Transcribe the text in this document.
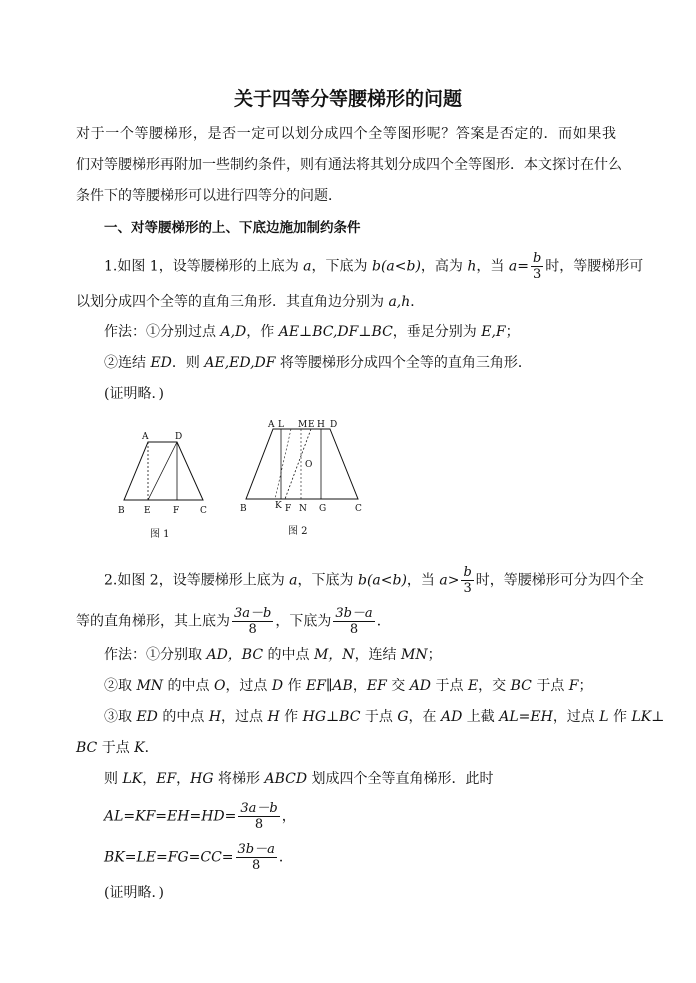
关于四等分等腰梯形的问题
对于一个等腰梯形，是否一定可以划分成四个全等图形呢？答案是否定的．而如果我
们对等腰梯形再附加一些制约条件，则有通法将其划分成四个全等图形．本文探讨在什么
条件下的等腰梯形可以进行四等分的问题．
一、对等腰梯形的上、下底边施加制约条件
1.如图 1，设等腰梯形的上底为 a，下底为 b(a<b)，高为 h，当 $a= \frac{b}{3}$ 时，等腰梯形可
以划分成四个全等的直角三角形．其直角边分别为 a,h．
作法：①分别过点 A,D，作 AE⊥BC,DF⊥BC，垂足分别为 E,F；
②连结 ED．则 AE,ED,DF 将等腰梯形分成四个全等的直角三角形．
(证明略．)
A	D
B E F C
图 1
A L M E H D
O
B	K F N G	C
图 2
2.如图 2，设等腰梯形上底为 a，下底为 b(a<b)，当 $a> \frac{b}{3}$ 时，等腰梯形可分为四个全
等的直角梯形，其上底为 $\frac{3a-b}{8}$ ，下底为 $\frac{3b-a}{8}$ ．
作法：①分别取 AD，BC 的中点 M，N，连结 MN；
②取 MN 的中点 O，过点 D 作 EF∥AB，EF 交 AD 于点 E，交 BC 于点 F；
③取 ED 的中点 H，过点 H 作 HG⊥BC 于点 G，在 AD 上截 AL=EH，过点 L 作 LK⊥
BC 于点 K．
则 LK，EF，HG 将梯形 ABCD 划成四个全等直角梯形．此时
$AL=KF=EH=HD= \frac{3a-b}{8}$ ，
$BK=LE=FG=CC= \frac{3b-a}{8}$ ．
(证明略．)
